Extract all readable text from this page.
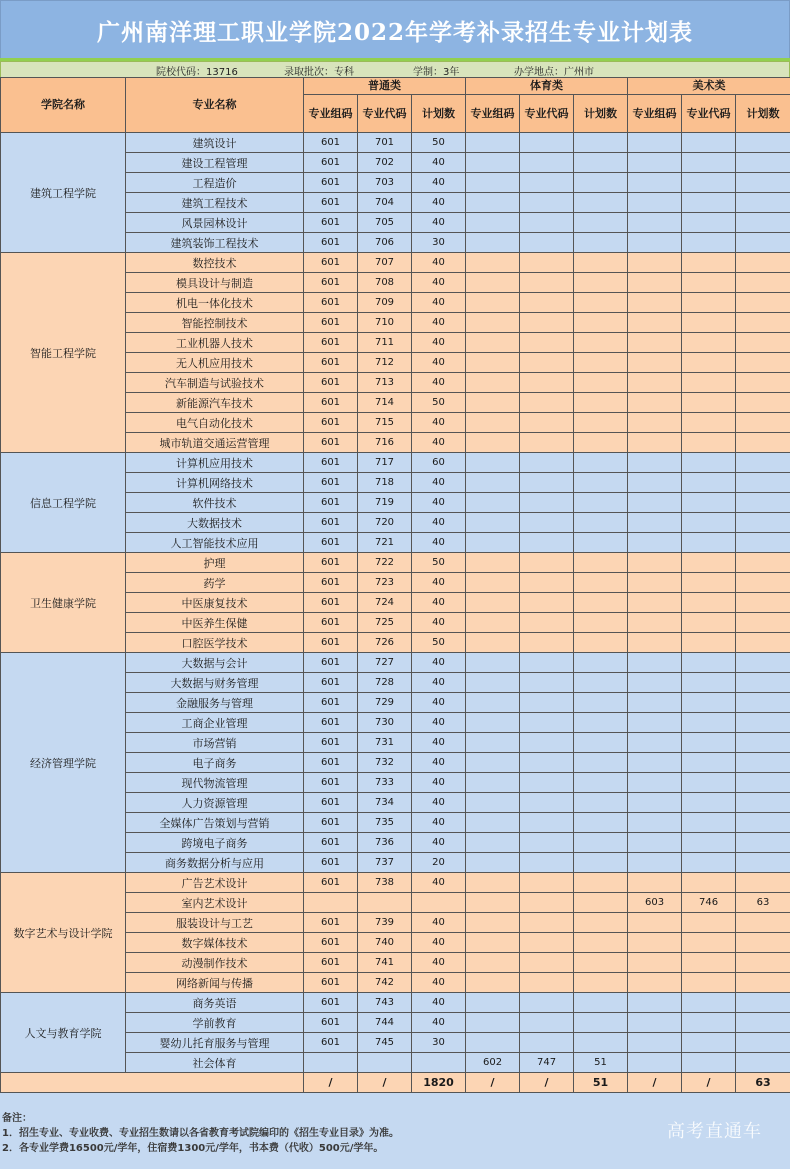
广州南洋理工职业学院2022年学考补录招生专业计划表
院校代码：13716	录取批次：专科	学制：3年	办学地点：广州市
学院名称	专业名称	普通类			体育类			美术类		
		专业组码	专业代码	计划数	专业组码	专业代码	计划数	专业组码	专业代码	计划数
建筑工程学院	建筑设计	601	701	50						
	建设工程管理	601	702	40						
	工程造价	601	703	40						
	建筑工程技术	601	704	40						
	风景园林设计	601	705	40						
	建筑装饰工程技术	601	706	30						
智能工程学院	数控技术	601	707	40						
	模具设计与制造	601	708	40						
	机电一体化技术	601	709	40						
	智能控制技术	601	710	40						
	工业机器人技术	601	711	40						
	无人机应用技术	601	712	40						
	汽车制造与试验技术	601	713	40						
	新能源汽车技术	601	714	50						
	电气自动化技术	601	715	40						
	城市轨道交通运营管理	601	716	40						
信息工程学院	计算机应用技术	601	717	60						
	计算机网络技术	601	718	40						
	软件技术	601	719	40						
	大数据技术	601	720	40						
	人工智能技术应用	601	721	40						
卫生健康学院	护理	601	722	50						
	药学	601	723	40						
	中医康复技术	601	724	40						
	中医养生保健	601	725	40						
	口腔医学技术	601	726	50						
经济管理学院	大数据与会计	601	727	40						
	大数据与财务管理	601	728	40						
	金融服务与管理	601	729	40						
	工商企业管理	601	730	40						
	市场营销	601	731	40						
	电子商务	601	732	40						
	现代物流管理	601	733	40						
	人力资源管理	601	734	40						
	全媒体广告策划与营销	601	735	40						
	跨境电子商务	601	736	40						
	商务数据分析与应用	601	737	20						
数字艺术与设计学院	广告艺术设计	601	738	40						
	室内艺术设计							603	746	63
	服装设计与工艺	601	739	40						
	数字媒体技术	601	740	40						
	动漫制作技术	601	741	40						
	网络新闻与传播	601	742	40						
人文与教育学院	商务英语	601	743	40						
	学前教育	601	744	40						
	婴幼儿托育服务与管理	601	745	30						
	社会体育				602	747	51			
		/	/	1820	/	/	51	/	/	63
备注：
1．招生专业、专业收费、专业招生数请以各省教育考试院编印的《招生专业目录》为准。
2．各专业学费16500元/学年，住宿费1300元/学年，书本费（代收）500元/学年。
高考直通车
